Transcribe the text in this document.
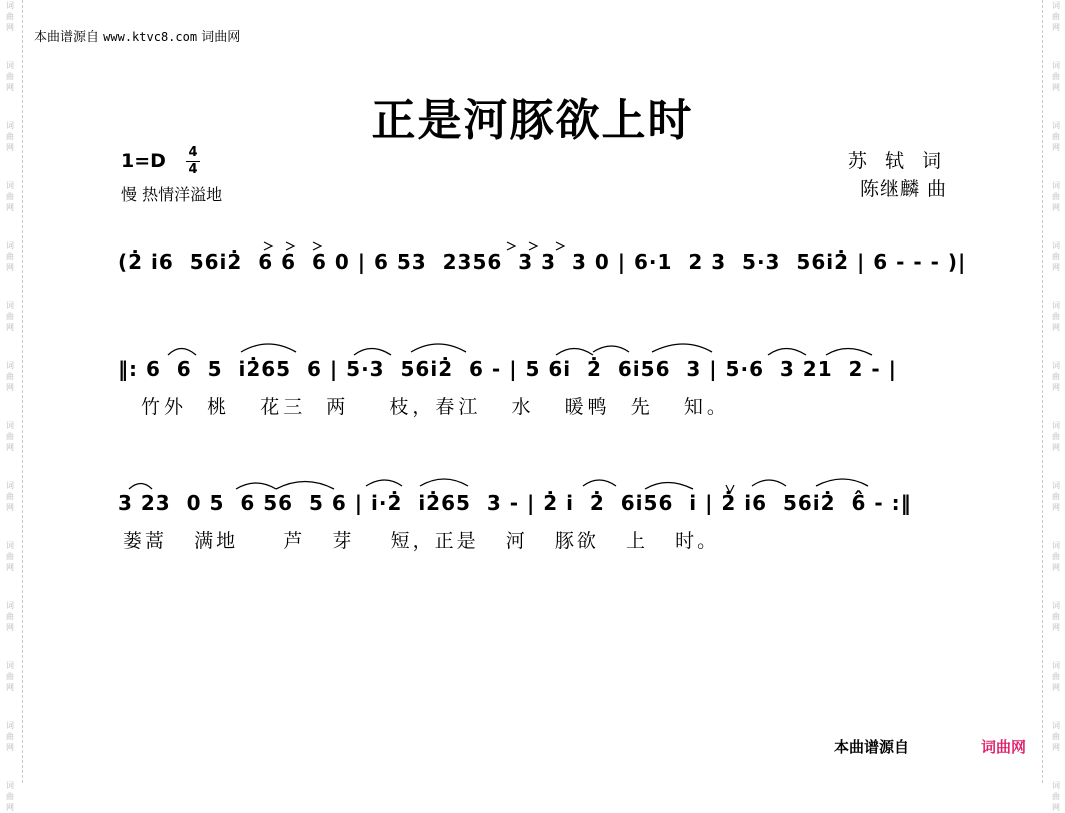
词
曲
网
词
曲
网
词
曲
网
词
曲
网
词
曲
网
词
曲
网
词
曲
网
词
曲
网
词
曲
网
词
曲
网
词
曲
网
词
曲
网
词
曲
网
词
曲
网
词
曲
网
词
曲
网
词
曲
网
词
曲
网
词
曲
网
词
曲
网
词
曲
网
词
曲
网
词
曲
网
词
曲
网
词
曲
网
词
曲
网
词
曲
网
词
曲
网
本曲谱源自 www.ktvc8.com 词曲网
正是河豚欲上时
1=D 4
4
慢 热情洋溢地
苏 轼 词
陈继麟 曲
(2̇ i̇6  56i̇2̇  6 6  6 0 | 6 53  2356  3 3  3 0 | 6·1  2 3  5·3  56i̇2̇ | 6 - - - )|
‖: 6  6  5  i̇2̇65  6 | 5·3  56i̇2̇  6 - | 5 6i̇  2̇  6i̇56  3 | 5·6  3 21  2 - |
竹外  桃   花三  两    枝，春江   水   暖鸭  先   知。
3 23  0 5  6 56  5 6 | i̇·2̇  i̇2̇65  3 - | 2̇ i̇  2̇  6i̇56  i̇ | 2̇ i̇6  56i̇2̇  6̂ - :‖
蒌蒿   满地     芦   芽    短，正是   河   豚欲   上   时。
本曲谱源自	词曲网
